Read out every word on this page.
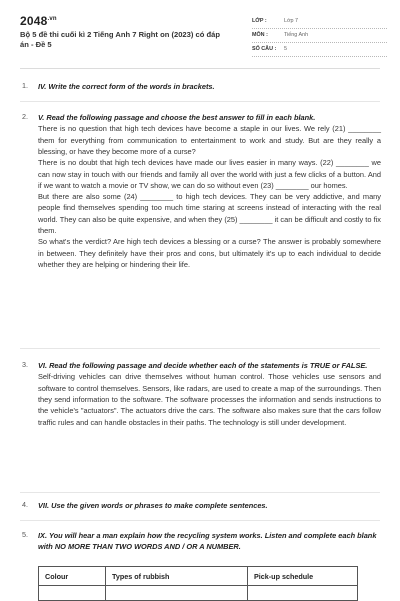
$2048^{.vn}$
Bộ 5 đề thi cuối kì 2 Tiếng Anh 7 Right on (2023) có đáp án - Đề 5
LỚP :	Lớp 7
MÔN :	Tiếng Anh
SỐ CÂU : 5
1. IV. Write the correct form of the words in brackets.
2. V. Read the following passage and choose the best answer to fill in each blank.

There is no question that high tech devices have become a staple in our lives. We rely (21) ________ them for everything from communication to entertainment to work and study. But are they really a blessing, or have they become more of a curse?

There is no doubt that high tech devices have made our lives easier in many ways. (22) ________ we can now stay in touch with our friends and family all over the world with just a few clicks of a button. And if we want to watch a movie or TV show, we can do so without even (23) ________ our homes.

But there are also some (24) ________ to high tech devices. They can be very addictive, and many people find themselves spending too much time staring at screens instead of interacting with the real world. They can also be quite expensive, and when they (25) ________ it can be difficult and costly to fix them.

So what's the verdict? Are high tech devices a blessing or a curse? The answer is probably somewhere in between. They definitely have their pros and cons, but ultimately it's up to each individual to decide whether they are helping or hindering their life.

3. VI. Read the following passage and decide whether each of the statements is TRUE or FALSE.

Self-driving vehicles can drive themselves without human control. Those vehicles use sensors and software to control themselves. Sensors, like radars, are used to create a map of the surroundings. Then they send information to the software. The software processes the information and sends instructions to the vehicle's "actuators". The actuators drive the cars. The software also makes sure that the cars follow traffic rules and can handle obstacles in their paths. The technology is still under development.

4. VII. Use the given words or phrases to make complete sentences.
5. IX. You will hear a man explain how the recycling system works. Listen and complete each blank with NO MORE THAN TWO WORDS AND / OR A NUMBER.
Colour	Types of rubbish	Pick-up schedule
